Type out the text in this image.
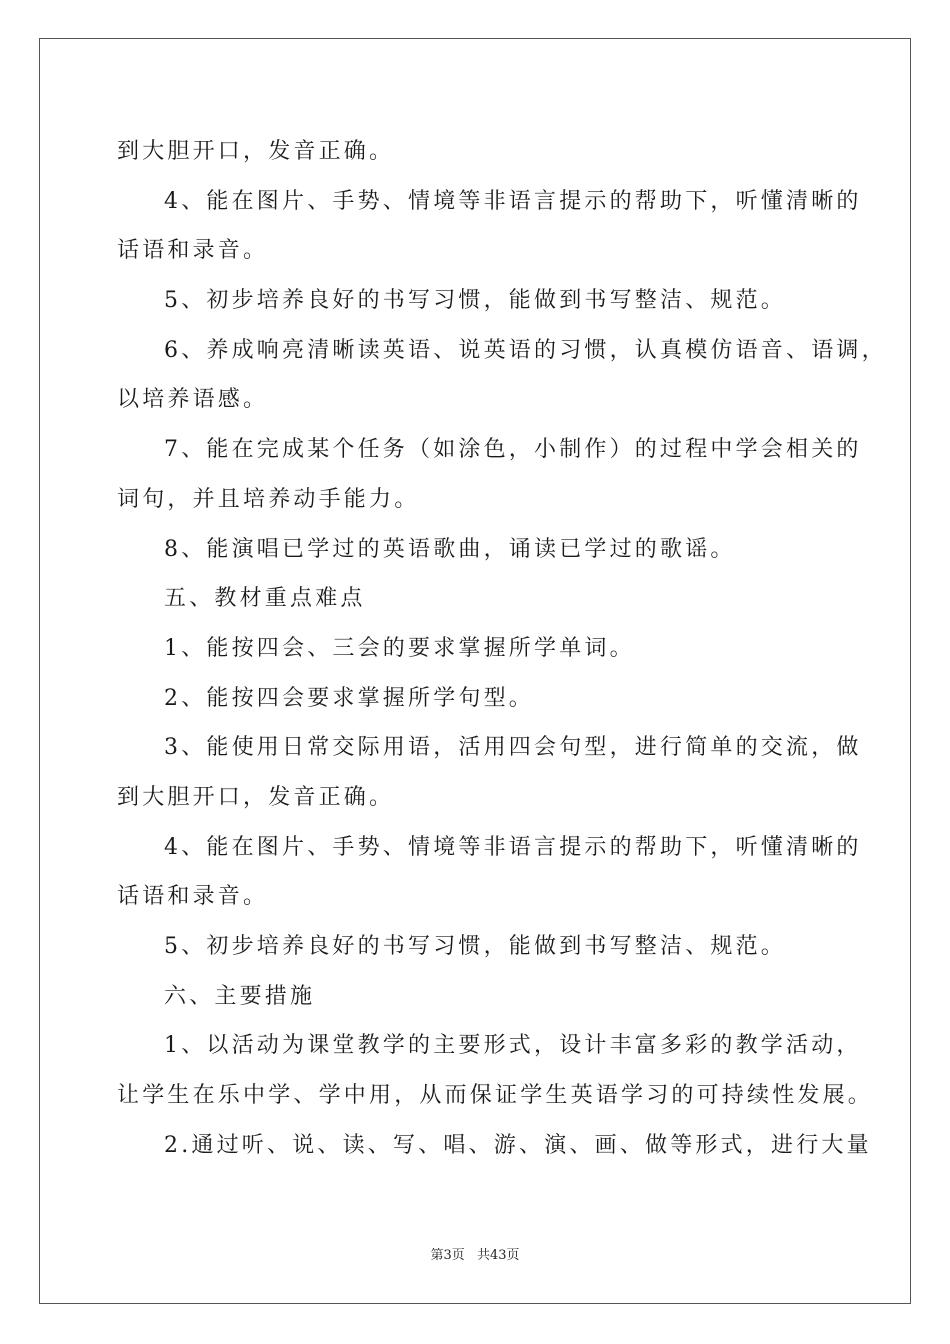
到大胆开口，发音正确。
4、能在图片、手势、情境等非语言提示的帮助下，听懂清晰的
话语和录音。
5、初步培养良好的书写习惯，能做到书写整洁、规范。
6、养成响亮清晰读英语、说英语的习惯，认真模仿语音、语调，
以培养语感。
7、能在完成某个任务（如涂色，小制作）的过程中学会相关的
词句，并且培养动手能力。
8、能演唱已学过的英语歌曲，诵读已学过的歌谣。
五、教材重点难点
1、能按四会、三会的要求掌握所学单词。
2、能按四会要求掌握所学句型。
3、能使用日常交际用语，活用四会句型，进行简单的交流，做
到大胆开口，发音正确。
4、能在图片、手势、情境等非语言提示的帮助下，听懂清晰的
话语和录音。
5、初步培养良好的书写习惯，能做到书写整洁、规范。
六、主要措施
1、以活动为课堂教学的主要形式，设计丰富多彩的教学活动，
让学生在乐中学、学中用，从而保证学生英语学习的可持续性发展。
2.通过听、说、读、写、唱、游、演、画、做等形式，进行大量
第3页 共43页
